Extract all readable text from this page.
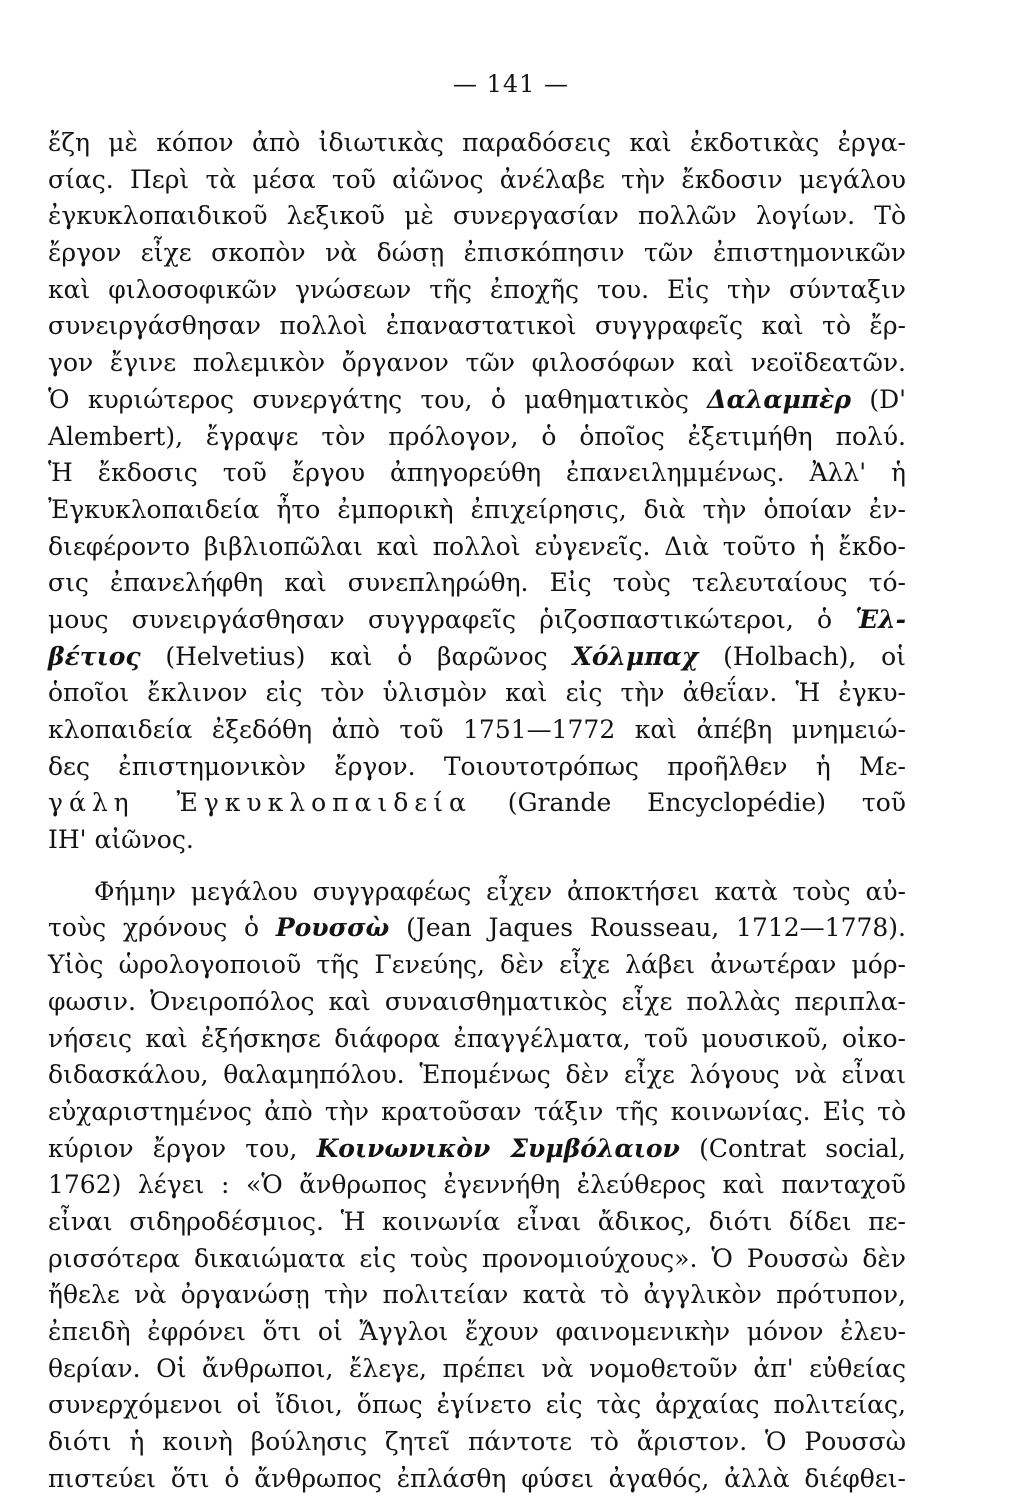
— 141 —
ἔζη μὲ κόπον ἀπὸ ἰδιωτικὰς παραδόσεις καὶ ἐκδοτικὰς ἐργα-
σίας. Περὶ τὰ μέσα τοῦ αἰῶνος ἀνέλαβε τὴν ἔκδοσιν μεγάλου
ἐγκυκλοπαιδικοῦ λεξικοῦ μὲ συνεργασίαν πολλῶν λογίων. Τὸ
ἔργον εἶχε σκοπὸν νὰ δώσῃ ἐπισκόπησιν τῶν ἐπιστημονικῶν
καὶ φιλοσοφικῶν γνώσεων τῆς ἐποχῆς του. Εἰς τὴν σύνταξιν
συνειργάσθησαν πολλοὶ ἐπαναστατικοὶ συγγραφεῖς καὶ τὸ ἔρ-
γον ἔγινε πολεμικὸν ὄργανον τῶν φιλοσόφων καὶ νεοϊδεατῶν.
Ὁ κυριώτερος συνεργάτης του, ὁ μαθηματικὸς Δαλαμπὲρ (D'
Alembert), ἔγραψε τὸν πρόλογον, ὁ ὁποῖος ἐξετιμήθη πολύ.
Ἡ ἔκδοσις τοῦ ἔργου ἀπηγορεύθη ἐπανειλημμένως. Ἀλλ' ἡ
Ἐγκυκλοπαιδεία ἦτο ἐμπορικὴ ἐπιχείρησις, διὰ τὴν ὁποίαν ἐν-
διεφέροντο βιβλιοπῶλαι καὶ πολλοὶ εὐγενεῖς. Διὰ τοῦτο ἡ ἔκδο-
σις ἐπανελήφθη καὶ συνεπληρώθη. Εἰς τοὺς τελευταίους τό-
μους συνειργάσθησαν συγγραφεῖς ῥιζοσπαστικώτεροι, ὁ Ἑλ-
βέτιος (Helvetius) καὶ ὁ βαρῶνος Χόλμπαχ (Holbach), οἱ
ὁποῖοι ἔκλινον εἰς τὸν ὑλισμὸν καὶ εἰς τὴν ἀθεΐαν. Ἡ ἐγκυ-
κλοπαιδεία ἐξεδόθη ἀπὸ τοῦ 1751—1772 καὶ ἀπέβη μνημειώ-
δες ἐπιστημονικὸν ἔργον. Τοιουτοτρόπως προῆλθεν ἡ Με-
γάλη Ἐγκυκλοπαιδεία (Grande Encyclopédie) τοῦ
ΙΗ' αἰῶνος.
Φήμην μεγάλου συγγραφέως εἶχεν ἀποκτήσει κατὰ τοὺς αὐ-
τοὺς χρόνους ὁ Ρουσσὼ (Jean Jaques Rousseau, 1712—1778).
Υἱὸς ὡρολογοποιοῦ τῆς Γενεύης, δὲν εἶχε λάβει ἀνωτέραν μόρ-
φωσιν. Ὀνειροπόλος καὶ συναισθηματικὸς εἶχε πολλὰς περιπλα-
νήσεις καὶ ἐξήσκησε διάφορα ἐπαγγέλματα, τοῦ μουσικοῦ, οἰκο-
διδασκάλου, θαλαμηπόλου. Ἑπομένως δὲν εἶχε λόγους νὰ εἶναι
εὐχαριστημένος ἀπὸ τὴν κρατοῦσαν τάξιν τῆς κοινωνίας. Εἰς τὸ
κύριον ἔργον του, Κοινωνικὸν Συμβόλαιον (Contrat social,
1762) λέγει : «Ὁ ἄνθρωπος ἐγεννήθη ἐλεύθερος καὶ πανταχοῦ
εἶναι σιδηροδέσμιος. Ἡ κοινωνία εἶναι ἄδικος, διότι δίδει πε-
ρισσότερα δικαιώματα εἰς τοὺς προνομιούχους». Ὁ Ρουσσὼ δὲν
ἤθελε νὰ ὀργανώσῃ τὴν πολιτείαν κατὰ τὸ ἀγγλικὸν πρότυπον,
ἐπειδὴ ἐφρόνει ὅτι οἱ Ἄγγλοι ἔχουν φαινομενικὴν μόνον ἐλευ-
θερίαν. Οἱ ἄνθρωποι, ἔλεγε, πρέπει νὰ νομοθετοῦν ἀπ' εὐθείας
συνερχόμενοι οἱ ἴδιοι, ὅπως ἐγίνετο εἰς τὰς ἀρχαίας πολιτείας,
διότι ἡ κοινὴ βούλησις ζητεῖ πάντοτε τὸ ἄριστον. Ὁ Ρουσσὼ
πιστεύει ὅτι ὁ ἄνθρωπος ἐπλάσθη φύσει ἀγαθός, ἀλλὰ διέφθει-
